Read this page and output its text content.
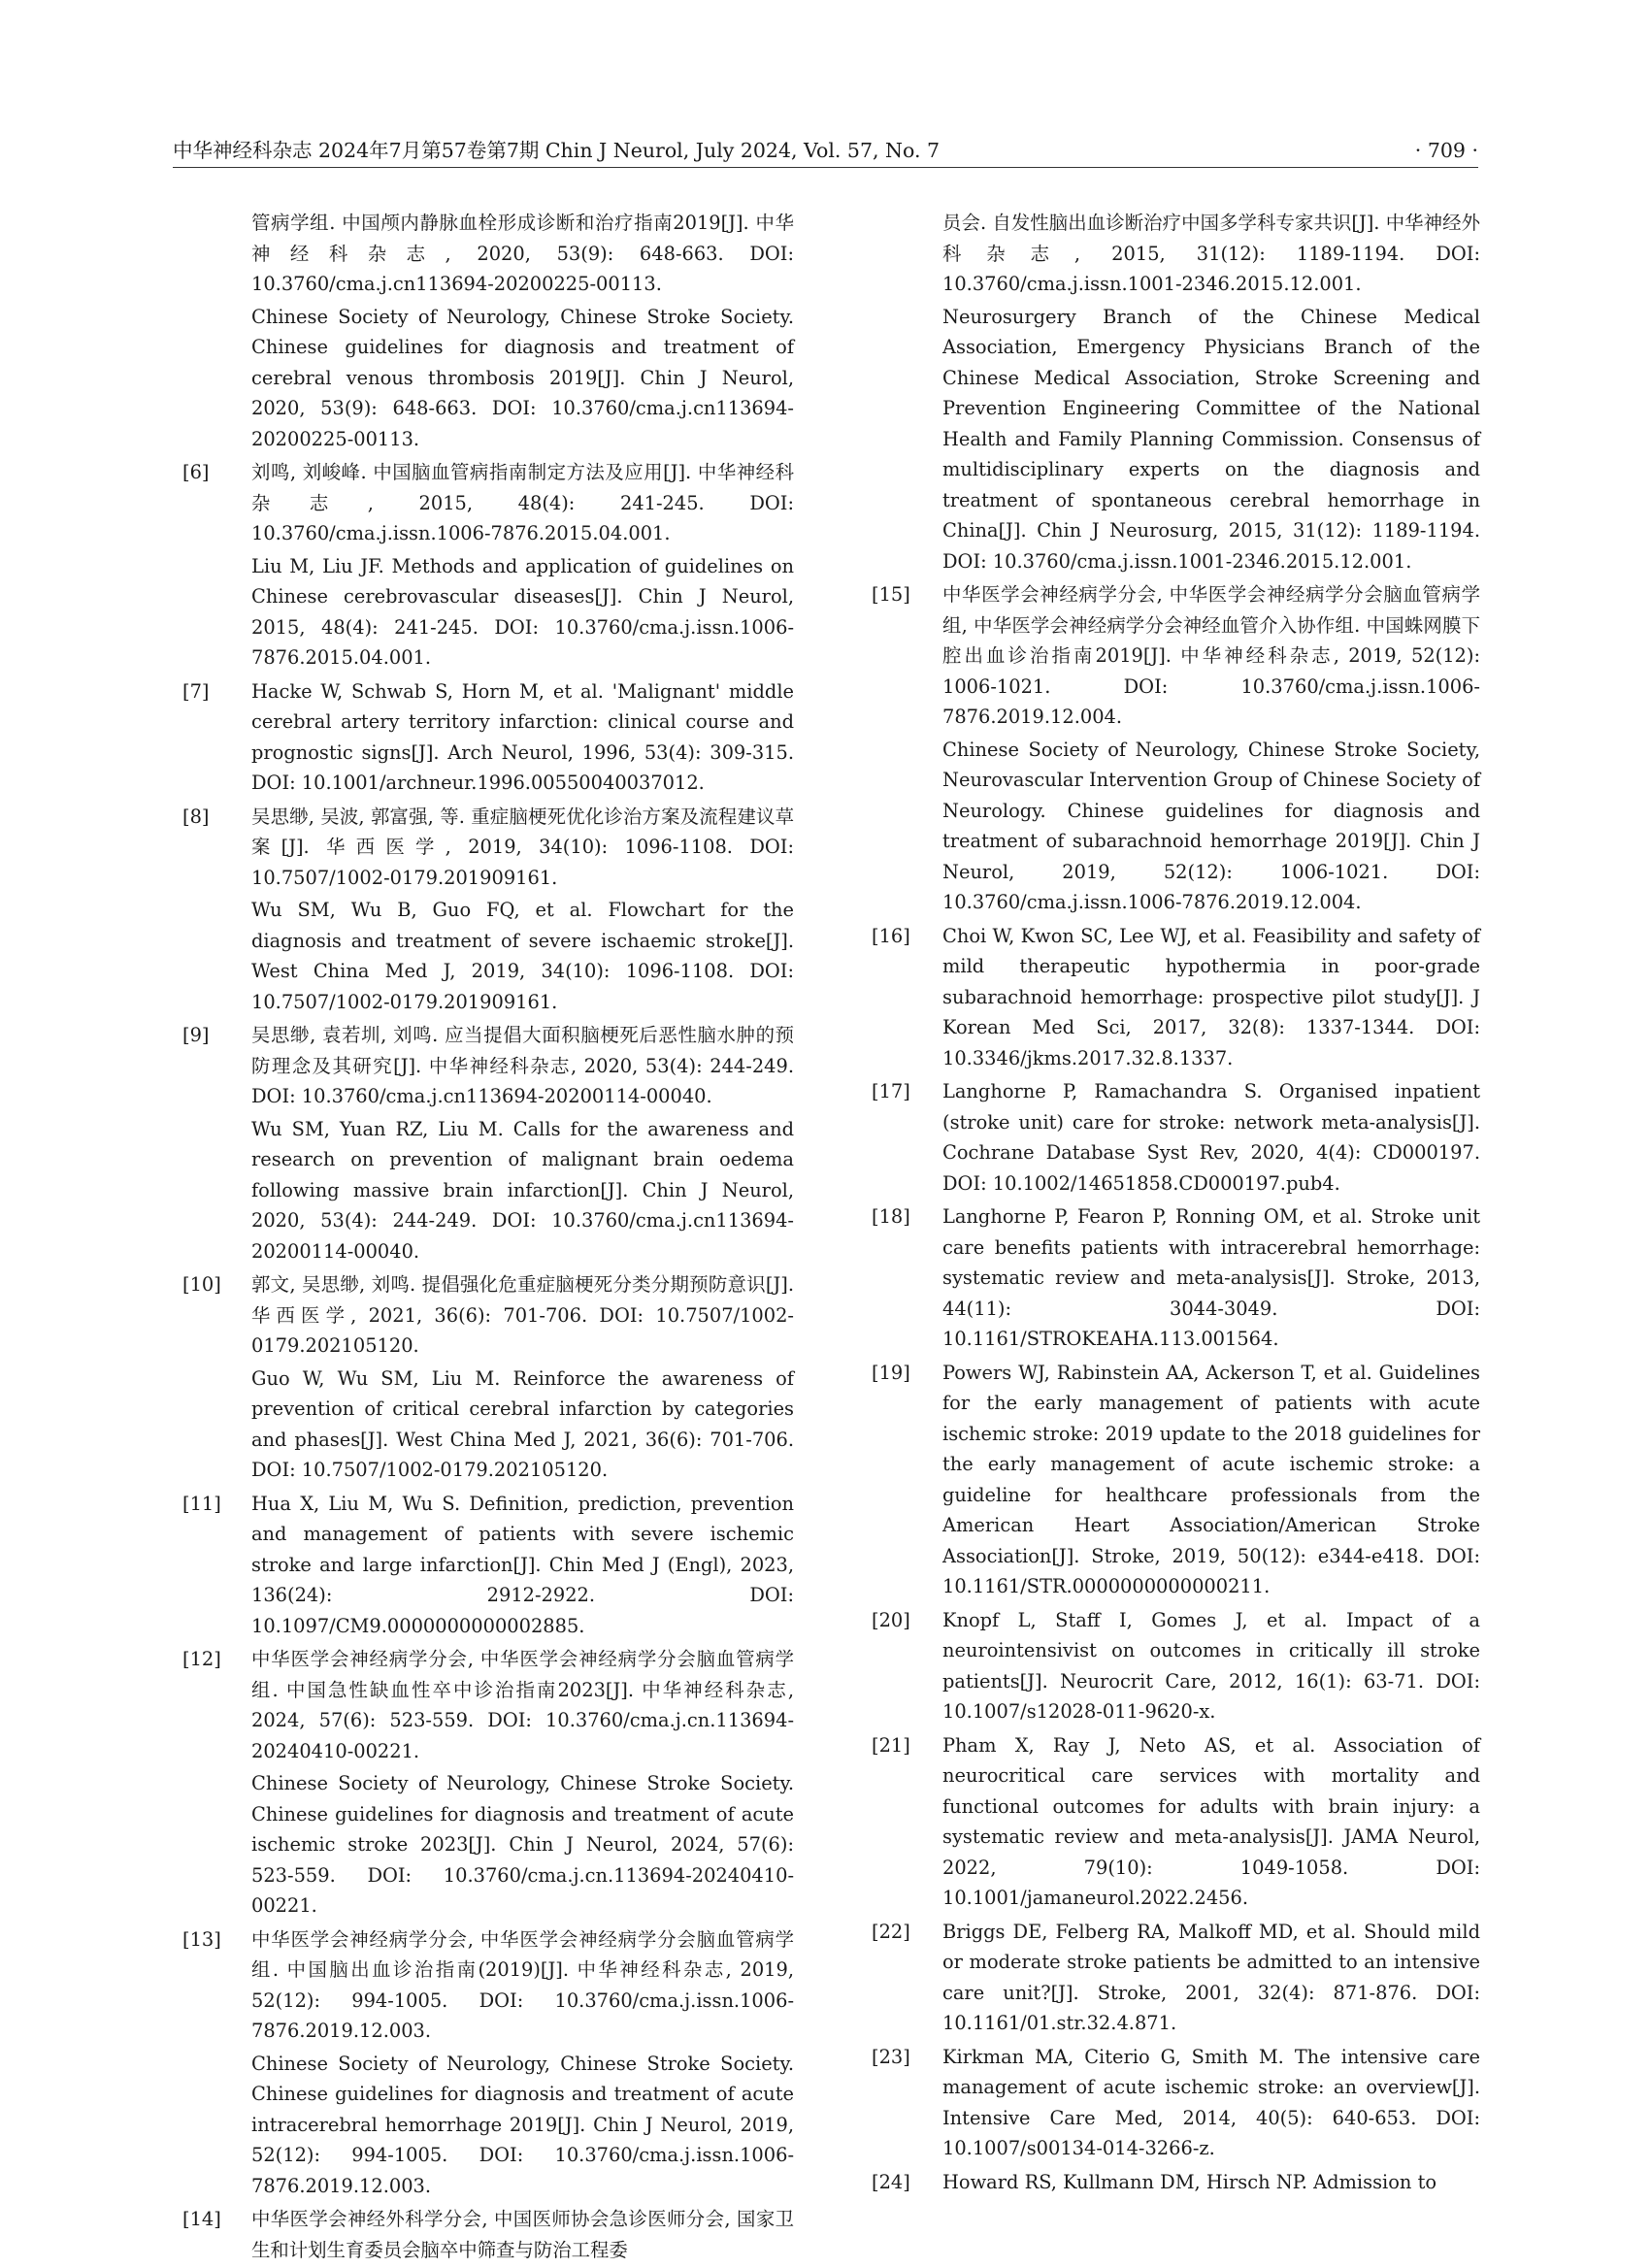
中华神经科杂志 2024年7月第57卷第7期 Chin J Neurol, July 2024, Vol. 57, No. 7	· 709 ·

管病学组. 中国颅内静脉血栓形成诊断和治疗指南2019[J]. 中华神经科杂志, 2020, 53(9): 648-663. DOI: 10.3760/cma.j.cn113694-20200225-00113.

Chinese Society of Neurology, Chinese Stroke Society. Chinese guidelines for diagnosis and treatment of cerebral venous thrombosis 2019[J]. Chin J Neurol, 2020, 53(9): 648-663. DOI: 10.3760/cma.j.cn113694-20200225-00113.

[6]	刘鸣, 刘峻峰. 中国脑血管病指南制定方法及应用[J]. 中华神经科杂志, 2015, 48(4): 241-245. DOI: 10.3760/cma.j.issn.1006-7876.2015.04.001.

Liu M, Liu JF. Methods and application of guidelines on Chinese cerebrovascular diseases[J]. Chin J Neurol, 2015, 48(4): 241-245. DOI: 10.3760/cma.j.issn.1006-7876.2015.04.001.

[7]	Hacke W, Schwab S, Horn M, et al. 'Malignant' middle cerebral artery territory infarction: clinical course and prognostic signs[J]. Arch Neurol, 1996, 53(4): 309-315. DOI: 10.1001/archneur.1996.00550040037012.

[8]	吴思缈, 吴波, 郭富强, 等. 重症脑梗死优化诊治方案及流程建议草案[J]. 华西医学, 2019, 34(10): 1096-1108. DOI: 10.7507/1002-0179.201909161.

Wu SM, Wu B, Guo FQ, et al. Flowchart for the diagnosis and treatment of severe ischaemic stroke[J]. West China Med J, 2019, 34(10): 1096-1108. DOI: 10.7507/1002-0179.201909161.

[9]	吴思缈, 袁若圳, 刘鸣. 应当提倡大面积脑梗死后恶性脑水肿的预防理念及其研究[J]. 中华神经科杂志, 2020, 53(4): 244-249. DOI: 10.3760/cma.j.cn113694-20200114-00040.

Wu SM, Yuan RZ, Liu M. Calls for the awareness and research on prevention of malignant brain oedema following massive brain infarction[J]. Chin J Neurol, 2020, 53(4): 244-249. DOI: 10.3760/cma.j.cn113694-20200114-00040.

[10]	郭文, 吴思缈, 刘鸣. 提倡强化危重症脑梗死分类分期预防意识[J]. 华西医学, 2021, 36(6): 701-706. DOI: 10.7507/1002-0179.202105120.

Guo W, Wu SM, Liu M. Reinforce the awareness of prevention of critical cerebral infarction by categories and phases[J]. West China Med J, 2021, 36(6): 701-706. DOI: 10.7507/1002-0179.202105120.

[11]	Hua X, Liu M, Wu S. Definition, prediction, prevention and management of patients with severe ischemic stroke and large infarction[J]. Chin Med J (Engl), 2023, 136(24): 2912-2922. DOI: 10.1097/CM9.0000000000002885.

[12]	中华医学会神经病学分会, 中华医学会神经病学分会脑血管病学组. 中国急性缺血性卒中诊治指南2023[J]. 中华神经科杂志, 2024, 57(6): 523-559. DOI: 10.3760/cma.j.cn.113694-20240410-00221.

Chinese Society of Neurology, Chinese Stroke Society. Chinese guidelines for diagnosis and treatment of acute ischemic stroke 2023[J]. Chin J Neurol, 2024, 57(6): 523-559. DOI: 10.3760/cma.j.cn.113694-20240410-00221.

[13]	中华医学会神经病学分会, 中华医学会神经病学分会脑血管病学组. 中国脑出血诊治指南(2019)[J]. 中华神经科杂志, 2019, 52(12): 994-1005. DOI: 10.3760/cma.j.issn.1006-7876.2019.12.003.

Chinese Society of Neurology, Chinese Stroke Society. Chinese guidelines for diagnosis and treatment of acute intracerebral hemorrhage 2019[J]. Chin J Neurol, 2019, 52(12): 994-1005. DOI: 10.3760/cma.j.issn.1006-7876.2019.12.003.

[14]	中华医学会神经外科学分会, 中国医师协会急诊医师分会, 国家卫生和计划生育委员会脑卒中筛查与防治工程委

员会. 自发性脑出血诊断治疗中国多学科专家共识[J]. 中华神经外科杂志, 2015, 31(12): 1189-1194. DOI: 10.3760/cma.j.issn.1001-2346.2015.12.001.

Neurosurgery Branch of the Chinese Medical Association, Emergency Physicians Branch of the Chinese Medical Association, Stroke Screening and Prevention Engineering Committee of the National Health and Family Planning Commission. Consensus of multidisciplinary experts on the diagnosis and treatment of spontaneous cerebral hemorrhage in China[J]. Chin J Neurosurg, 2015, 31(12): 1189-1194. DOI: 10.3760/cma.j.issn.1001-2346.2015.12.001.

[15]	中华医学会神经病学分会, 中华医学会神经病学分会脑血管病学组, 中华医学会神经病学分会神经血管介入协作组. 中国蛛网膜下腔出血诊治指南2019[J]. 中华神经科杂志, 2019, 52(12): 1006-1021. DOI: 10.3760/cma.j.issn.1006-7876.2019.12.004.

Chinese Society of Neurology, Chinese Stroke Society, Neurovascular Intervention Group of Chinese Society of Neurology. Chinese guidelines for diagnosis and treatment of subarachnoid hemorrhage 2019[J]. Chin J Neurol, 2019, 52(12): 1006-1021. DOI: 10.3760/cma.j.issn.1006-7876.2019.12.004.

[16]	Choi W, Kwon SC, Lee WJ, et al. Feasibility and safety of mild therapeutic hypothermia in poor-grade subarachnoid hemorrhage: prospective pilot study[J]. J Korean Med Sci, 2017, 32(8): 1337-1344. DOI: 10.3346/jkms.2017.32.8.1337.

[17]	Langhorne P, Ramachandra S. Organised inpatient (stroke unit) care for stroke: network meta-analysis[J]. Cochrane Database Syst Rev, 2020, 4(4): CD000197. DOI: 10.1002/14651858.CD000197.pub4.

[18]	Langhorne P, Fearon P, Ronning OM, et al. Stroke unit care benefits patients with intracerebral hemorrhage: systematic review and meta-analysis[J]. Stroke, 2013, 44(11): 3044-3049. DOI: 10.1161/STROKEAHA.113.001564.

[19]	Powers WJ, Rabinstein AA, Ackerson T, et al. Guidelines for the early management of patients with acute ischemic stroke: 2019 update to the 2018 guidelines for the early management of acute ischemic stroke: a guideline for healthcare professionals from the American Heart Association/American Stroke Association[J]. Stroke, 2019, 50(12): e344-e418. DOI: 10.1161/STR.0000000000000211.

[20]	Knopf L, Staff I, Gomes J, et al. Impact of a neurointensivist on outcomes in critically ill stroke patients[J]. Neurocrit Care, 2012, 16(1): 63-71. DOI: 10.1007/s12028-011-9620-x.

[21]	Pham X, Ray J, Neto AS, et al. Association of neurocritical care services with mortality and functional outcomes for adults with brain injury: a systematic review and meta-analysis[J]. JAMA Neurol, 2022, 79(10): 1049-1058. DOI: 10.1001/jamaneurol.2022.2456.

[22]	Briggs DE, Felberg RA, Malkoff MD, et al. Should mild or moderate stroke patients be admitted to an intensive care unit?[J]. Stroke, 2001, 32(4): 871-876. DOI: 10.1161/01.str.32.4.871.

[23]	Kirkman MA, Citerio G, Smith M. The intensive care management of acute ischemic stroke: an overview[J]. Intensive Care Med, 2014, 40(5): 640-653. DOI: 10.1007/s00134-014-3266-z.

[24]	Howard RS, Kullmann DM, Hirsch NP. Admission to
